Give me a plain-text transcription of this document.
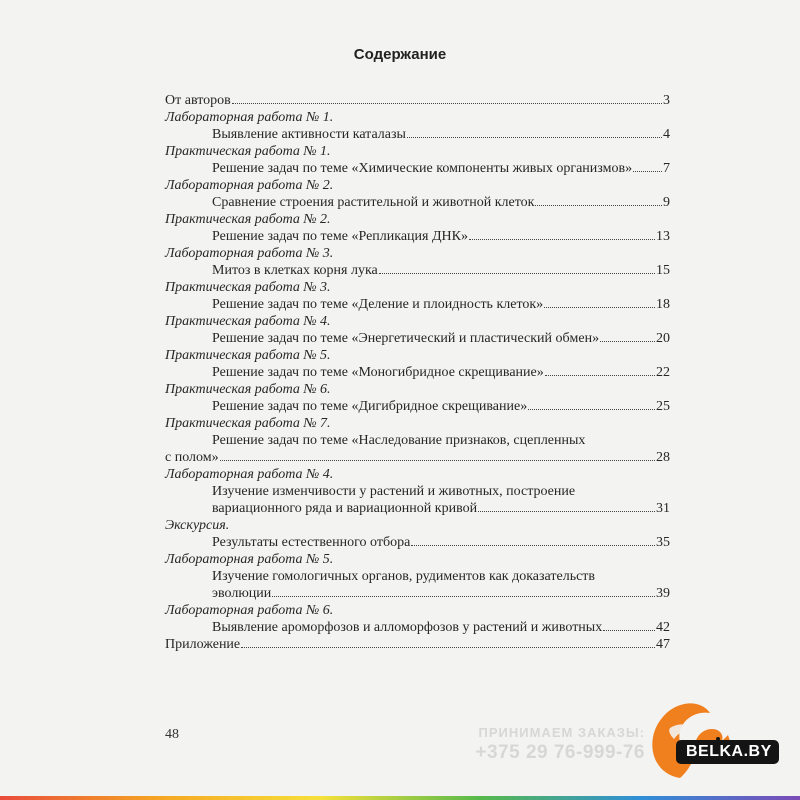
Содержание
От авторов	3
Лабораторная работа № 1.
Выявление активности каталазы	4
Практическая работа № 1.
Решение задач по теме «Химические компоненты живых организмов» 7
Лабораторная работа № 2.
Сравнение строения растительной и животной клеток	9
Практическая работа № 2.
Решение задач по теме «Репликация ДНК»	13
Лабораторная работа № 3.
Митоз в клетках корня лука	15
Практическая работа № 3.
Решение задач по теме «Деление и плоидность клеток»	18
Практическая работа № 4.
Решение задач по теме «Энергетический и пластический обмен»	20
Практическая работа № 5.
Решение задач по теме «Моногибридное скрещивание»	22
Практическая работа № 6.
Решение задач по теме «Дигибридное скрещивание»	25
Практическая работа № 7.
Решение задач по теме «Наследование признаков, сцепленных
с полом»	28
Лабораторная работа № 4.
Изучение изменчивости у растений и животных, построение
вариационного ряда и вариационной кривой	31
Экскурсия.
Результаты естественного отбора	35
Лабораторная работа № 5.
Изучение гомологичных органов, рудиментов как доказательств
эволюции	39
Лабораторная работа № 6.
Выявление ароморфозов и алломорфозов у растений и животных	42
Приложение	47
48	ПРИНИМАЕМ ЗАКАЗЫ:
+375 29 76-999-76	BELKA.BY
